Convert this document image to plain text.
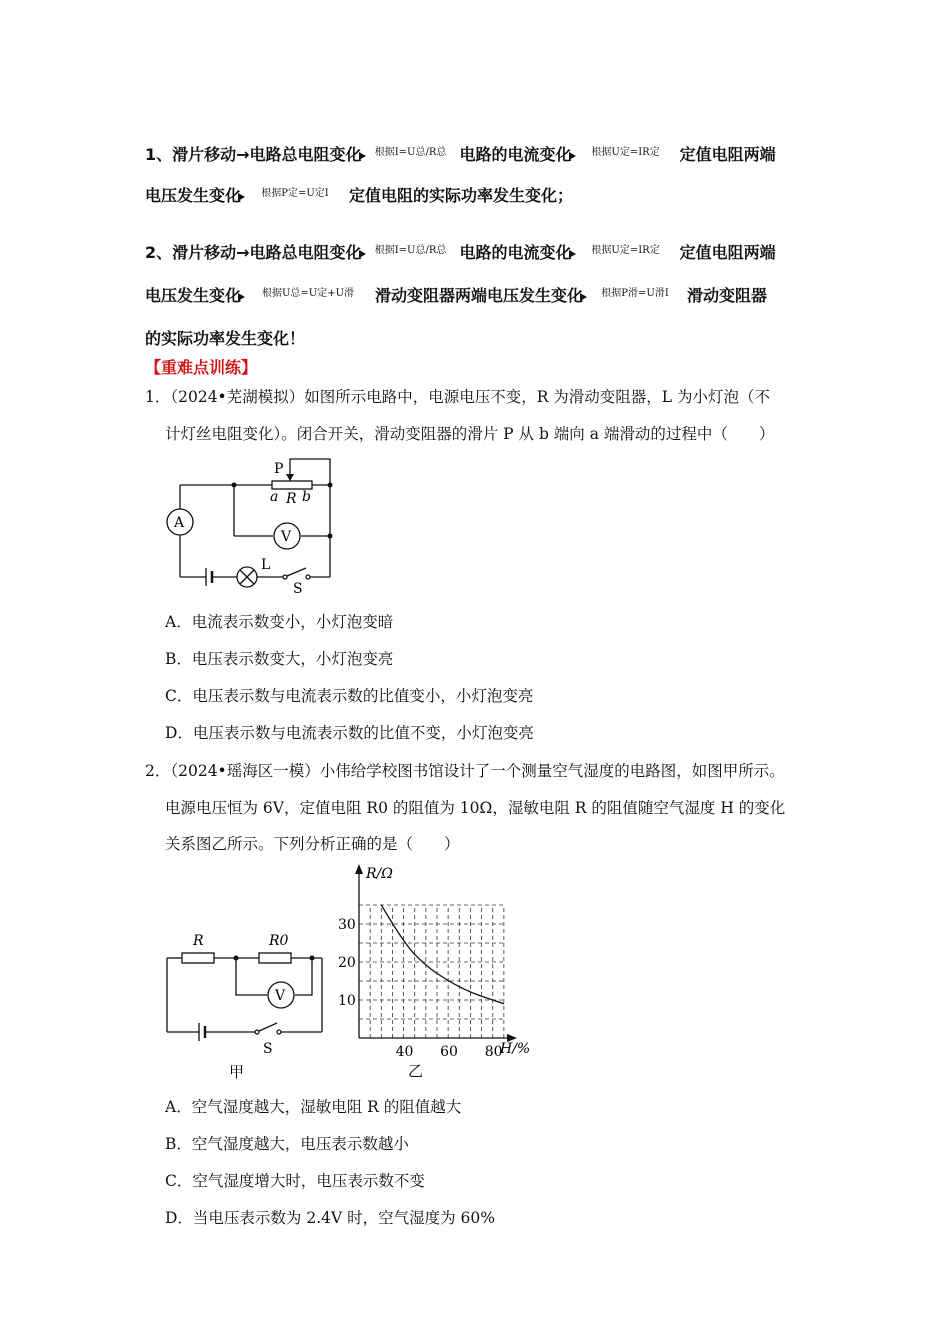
1、滑片移动→电路总电阻变化	根据I=U总/R总 电路的电流变化	根据U定=IR定	定值电阻两端
电压发生变化	根据P定=U定I	定值电阻的实际功率发生变化；
2、滑片移动→电路总电阻变化	根据I=U总/R总 电路的电流变化	根据U定=IR定	定值电阻两端
电压发生变化	根据U总=U定+U滑	滑动变阻器两端电压发生变化	根据P滑=U滑I	滑动变阻器
的实际功率发生变化！
【重难点训练】
1．（2024•芜湖模拟）如图所示电路中，电源电压不变，R 为滑动变阻器，L 为小灯泡（不
计灯丝电阻变化）。闭合开关，滑动变阻器的滑片 P 从 b 端向 a 端滑动的过程中（　　）
P
a R b
A
V
L
S
A．电流表示数变小，小灯泡变暗
B．电压表示数变大，小灯泡变亮
C．电压表示数与电流表示数的比值变小，小灯泡变亮
D．电压表示数与电流表示数的比值不变，小灯泡变亮
2．（2024•瑶海区一模）小伟给学校图书馆设计了一个测量空气湿度的电路图，如图甲所示。
电源电压恒为 6V，定值电阻 R0 的阻值为 10Ω，湿敏电阻 R 的阻值随空气湿度 H 的变化
关系图乙所示。下列分析正确的是（　　）
R	R0
V
S
甲
10
20
30
40 60 80
R/Ω
H/%
乙
A．空气湿度越大，湿敏电阻 R 的阻值越大
B．空气湿度越大，电压表示数越小
C．空气湿度增大时，电压表示数不变
D．当电压表示数为 2.4V 时，空气湿度为 60%
